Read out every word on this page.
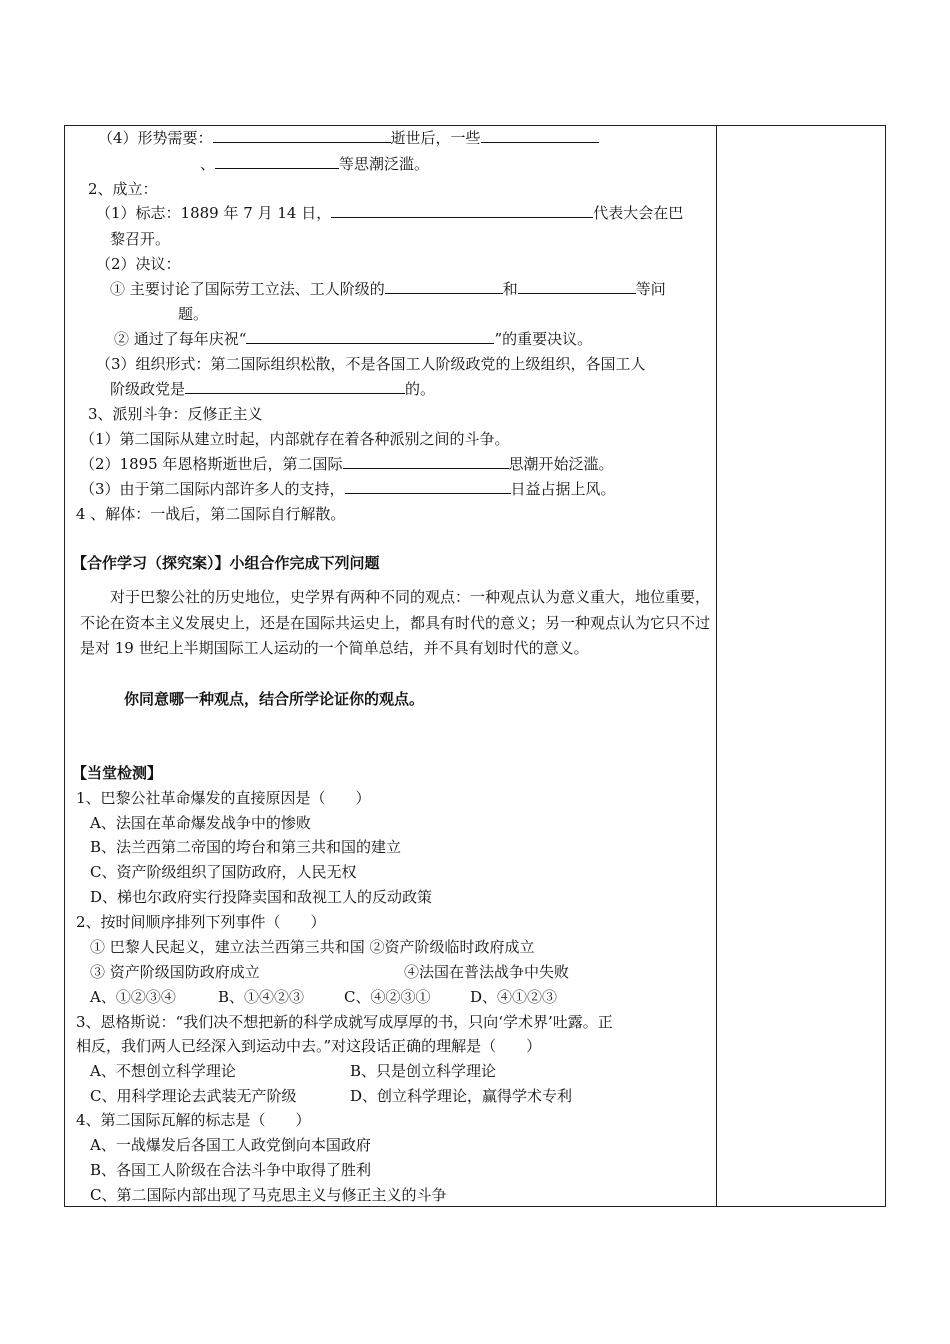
（4）形势需要：	逝世后，一些
、	等思潮泛滥。
2、成立：
（1）标志：1889 年 7 月 14 日，	代表大会在巴
黎召开。
（2）决议：
① 主要讨论了国际劳工立法、工人阶级的	和	等问
题。
② 通过了每年庆祝“	”的重要决议。
（3）组织形式：第二国际组织松散，不是各国工人阶级政党的上级组织，各国工人
阶级政党是	的。
3、派别斗争：反修正主义
（1）第二国际从建立时起，内部就存在着各种派别之间的斗争。
（2）1895 年恩格斯逝世后，第二国际	思潮开始泛滥。
（3）由于第二国际内部许多人的支持，	日益占据上风。
4 、解体：一战后，第二国际自行解散。
【合作学习（探究案）】小组合作完成下列问题
对于巴黎公社的历史地位，史学界有两种不同的观点：一种观点认为意义重大，地位重要，不论在资本主义发展史上，还是在国际共运史上，都具有时代的意义；另一种观点认为它只不过是对 19 世纪上半期国际工人运动的一个简单总结，并不具有划时代的意义。
你同意哪一种观点，结合所学论证你的观点。
【当堂检测】
1、巴黎公社革命爆发的直接原因是（　　）
A、法国在革命爆发战争中的惨败
B、法兰西第二帝国的垮台和第三共和国的建立
C、资产阶级组织了国防政府，人民无权
D、梯也尔政府实行投降卖国和敌视工人的反动政策
2、按时间顺序排列下列事件（　　）
① 巴黎人民起义，建立法兰西第三共和国 ②资产阶级临时政府成立
③ 资产阶级国防政府成立	④法国在普法战争中失败
A、①②③④	B、①④②③	C、④②③①	D、④①②③
3、恩格斯说：“我们决不想把新的科学成就写成厚厚的书，只向‘学术界’吐露。正
相反，我们两人已经深入到运动中去。”对这段话正确的理解是（　　）
A、不想创立科学理论	B、只是创立科学理论
C、用科学理论去武装无产阶级	D、创立科学理论，赢得学术专利
4、第二国际瓦解的标志是（　　）
A、一战爆发后各国工人政党倒向本国政府
B、各国工人阶级在合法斗争中取得了胜利
C、第二国际内部出现了马克思主义与修正主义的斗争
